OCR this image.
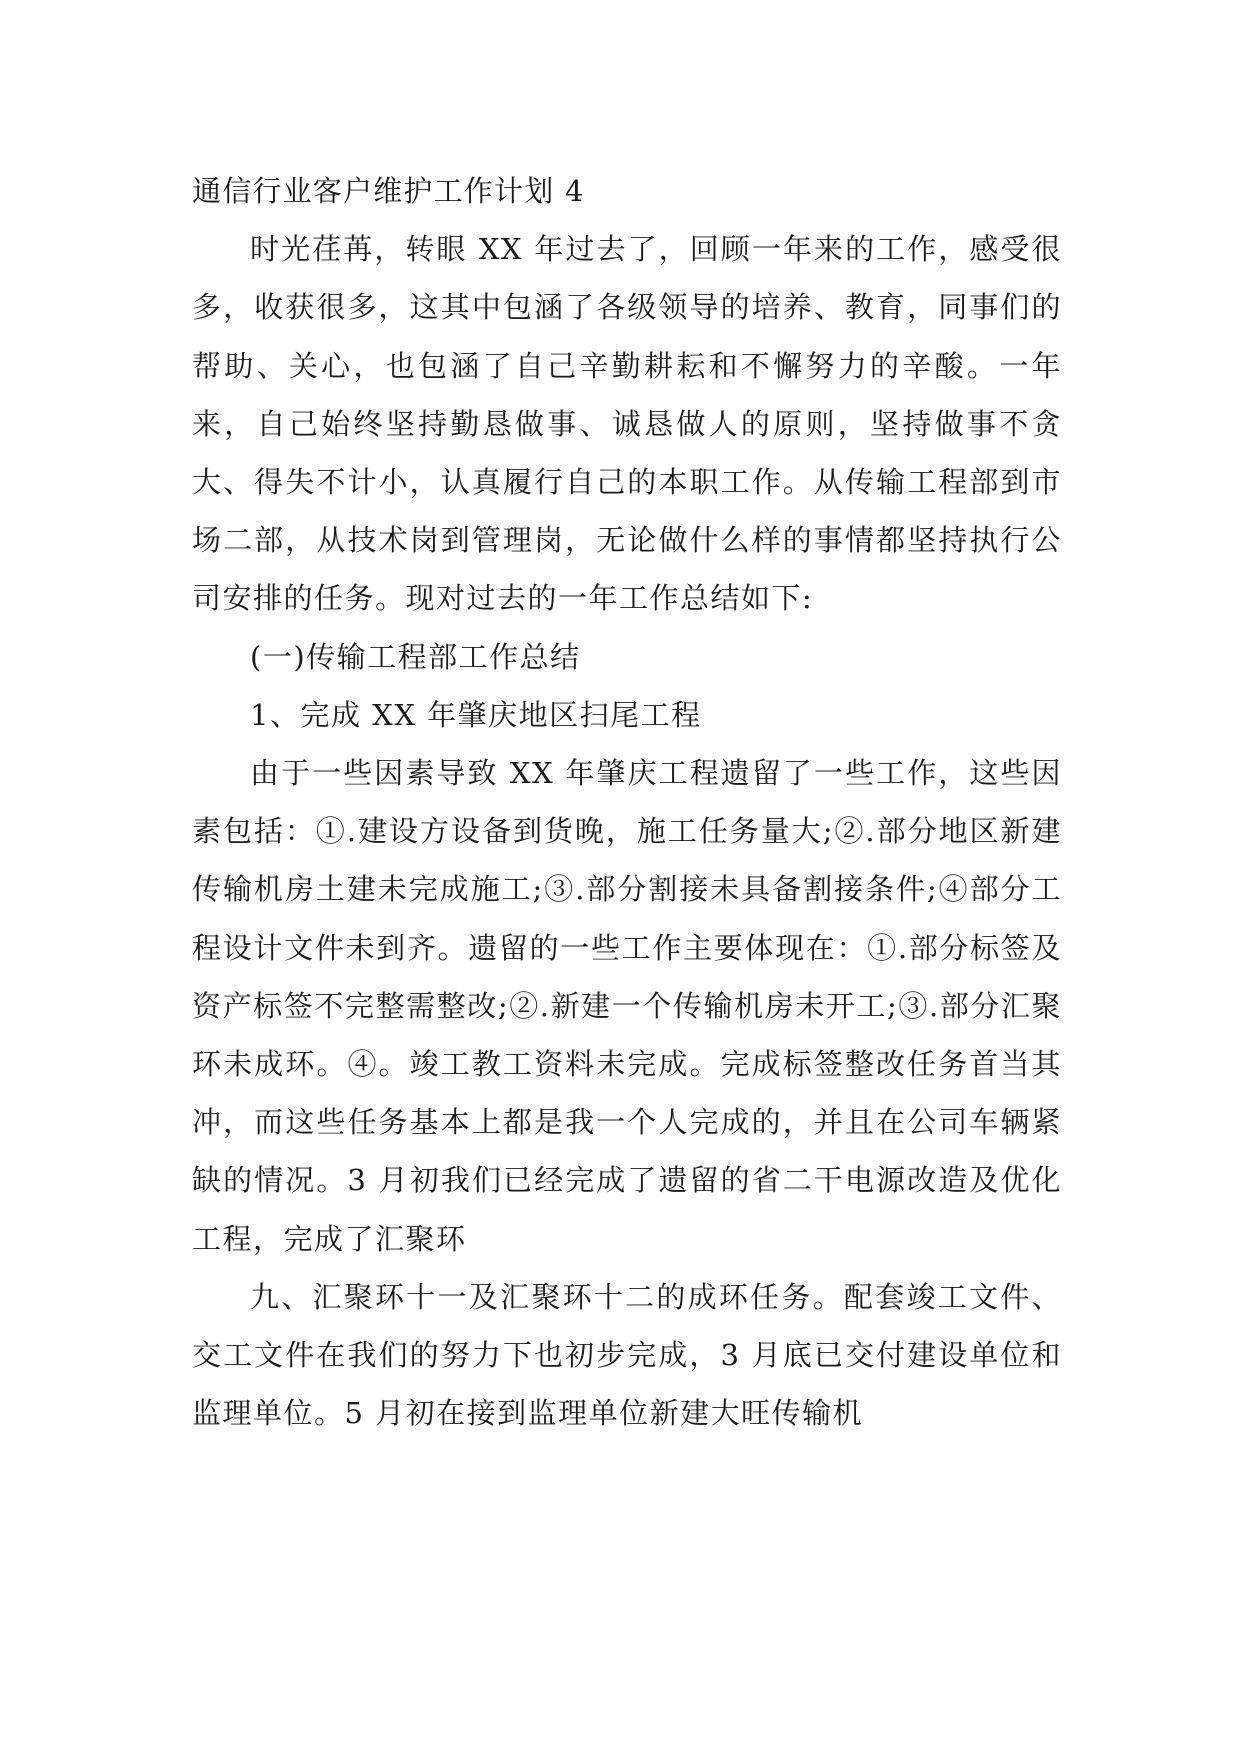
通信行业客户维护工作计划 4

时光荏苒，转眼 XX 年过去了，回顾一年来的工作，感受很多，收获很多，这其中包涵了各级领导的培养、教育，同事们的帮助、关心，也包涵了自己辛勤耕耘和不懈努力的辛酸。一年来，自己始终坚持勤恳做事、诚恳做人的原则，坚持做事不贪大、得失不计小，认真履行自己的本职工作。从传输工程部到市场二部，从技术岗到管理岗，无论做什么样的事情都坚持执行公司安排的任务。现对过去的一年工作总结如下:

(一)传输工程部工作总结

1、完成 XX 年肇庆地区扫尾工程

由于一些因素导致 XX 年肇庆工程遗留了一些工作，这些因素包括：①.建设方设备到货晚，施工任务量大;②.部分地区新建传输机房土建未完成施工;③.部分割接未具备割接条件;④部分工程设计文件未到齐。遗留的一些工作主要体现在：①.部分标签及资产标签不完整需整改;②.新建一个传输机房未开工;③.部分汇聚环未成环。④。竣工教工资料未完成。完成标签整改任务首当其冲，而这些任务基本上都是我一个人完成的，并且在公司车辆紧缺的情况。3 月初我们已经完成了遗留的省二干电源改造及优化工程，完成了汇聚环

九、汇聚环十一及汇聚环十二的成环任务。配套竣工文件、交工文件在我们的努力下也初步完成，3 月底已交付建设单位和监理单位。5 月初在接到监理单位新建大旺传输机
